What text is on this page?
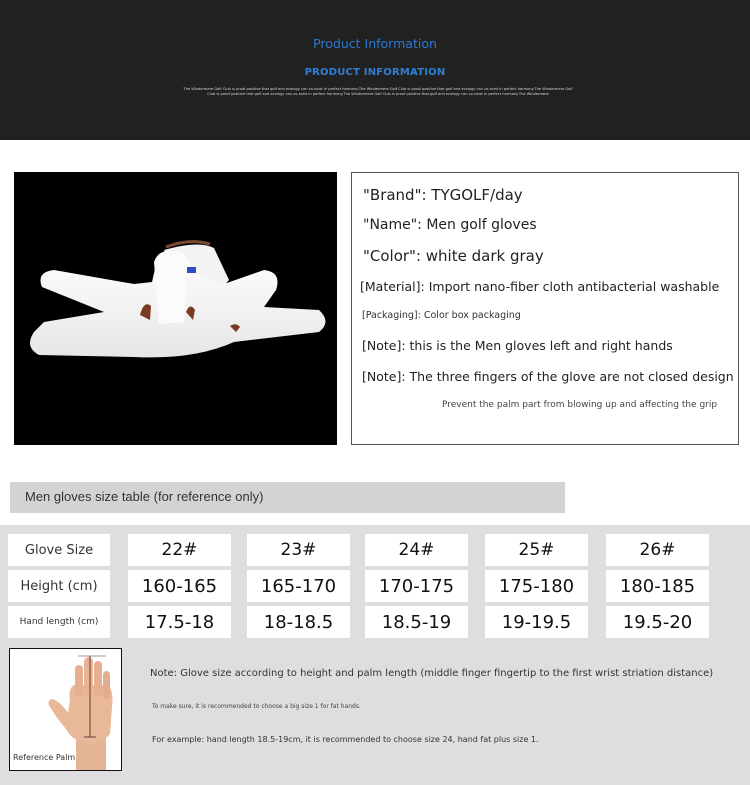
Product Information
PRODUCT INFORMATION
The Windermere Golf Club is proof positive that golf and ecology can co-exist in perfect harmony.The Windermere Golf Club is proof positive that golf and ecology can co-exist in perfect harmony.The Windermere Golf Club is proof positive that golf and ecology can co-exist in perfect harmony.The Windermere Golf Club is proof positive that golf and ecology can co-exist in perfect harmony.The Windermere
"Brand": TYGOLF/day
"Name": Men golf gloves
"Color": white dark gray
[Material]: Import nano-fiber cloth antibacterial washable
[Packaging]: Color box packaging
[Note]: this is the Men gloves left and right hands
[Note]: The three fingers of the glove are not closed design
Prevent the palm part from blowing up and affecting the grip
Men gloves size table (for reference only)
Glove Size
Height (cm)
Hand length (cm)
22#
160-165
17.5-18
23#
165-170
18-18.5
24#
170-175
18.5-19
25#
175-180
19-19.5
26#
180-185
19.5-20
Reference Palm
Note: Glove size according to height and palm length (middle finger fingertip to the first wrist striation distance)
To make sure, it is recommended to choose a big size 1 for fat hands.
For example: hand length 18.5-19cm, it is recommended to choose size 24, hand fat plus size 1.
